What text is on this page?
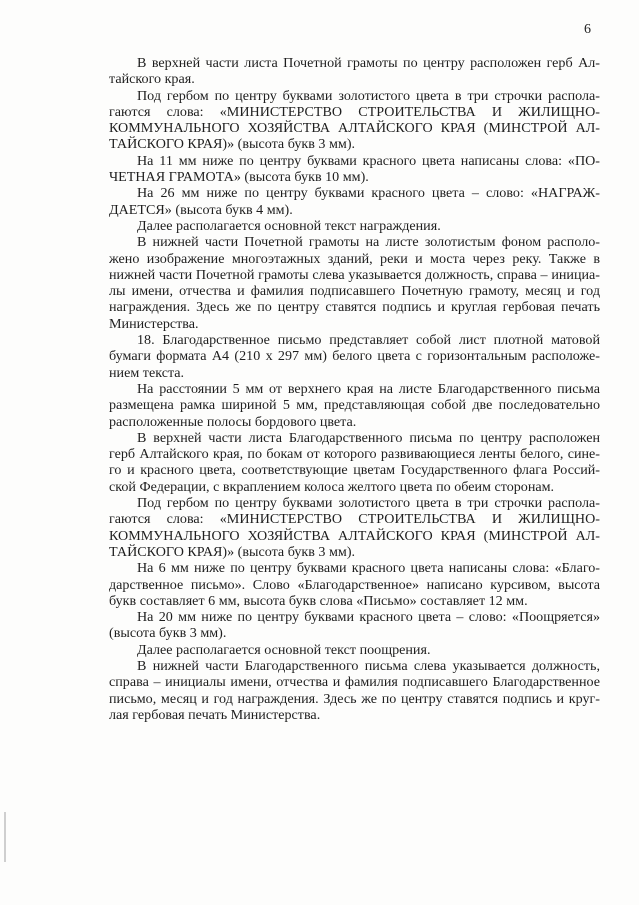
6
В верхней части листа Почетной грамоты по центру расположен герб Ал-
тайского края.
Под гербом по центру буквами золотистого цвета в три строчки распола-
гаются слова: «МИНИСТЕРСТВО СТРОИТЕЛЬСТВА И ЖИЛИЩНО-
КОММУНАЛЬНОГО ХОЗЯЙСТВА АЛТАЙСКОГО КРАЯ (МИНСТРОЙ АЛ-
ТАЙСКОГО КРАЯ)» (высота букв 3 мм).
На 11 мм ниже по центру буквами красного цвета написаны слова: «ПО-
ЧЕТНАЯ ГРАМОТА» (высота букв 10 мм).
На 26 мм ниже по центру буквами красного цвета – слово: «НАГРАЖ-
ДАЕТСЯ» (высота букв 4 мм).
Далее располагается основной текст награждения.
В нижней части Почетной грамоты на листе золотистым фоном располо-
жено изображение многоэтажных зданий, реки и моста через реку. Также в
нижней части Почетной грамоты слева указывается должность, справа – инициа-
лы имени, отчества и фамилия подписавшего Почетную грамоту, месяц и год
награждения. Здесь же по центру ставятся подпись и круглая гербовая печать
Министерства.
18. Благодарственное письмо представляет собой лист плотной матовой
бумаги формата А4 (210 х 297 мм) белого цвета с горизонтальным расположе-
нием текста.
На расстоянии 5 мм от верхнего края на листе Благодарственного письма
размещена рамка шириной 5 мм, представляющая собой две последовательно
расположенные полосы бордового цвета.
В верхней части листа Благодарственного письма по центру расположен
герб Алтайского края, по бокам от которого развивающиеся ленты белого, сине-
го и красного цвета, соответствующие цветам Государственного флага Россий-
ской Федерации, с вкраплением колоса желтого цвета по обеим сторонам.
Под гербом по центру буквами золотистого цвета в три строчки распола-
гаются слова: «МИНИСТЕРСТВО СТРОИТЕЛЬСТВА И ЖИЛИЩНО-
КОММУНАЛЬНОГО ХОЗЯЙСТВА АЛТАЙСКОГО КРАЯ (МИНСТРОЙ АЛ-
ТАЙСКОГО КРАЯ)» (высота букв 3 мм).
На 6 мм ниже по центру буквами красного цвета написаны слова: «Благо-
дарственное письмо». Слово «Благодарственное» написано курсивом, высота
букв составляет 6 мм, высота букв слова «Письмо» составляет 12 мм.
На 20 мм ниже по центру буквами красного цвета – слово: «Поощряется»
(высота букв 3 мм).
Далее располагается основной текст поощрения.
В нижней части Благодарственного письма слева указывается должность,
справа – инициалы имени, отчества и фамилия подписавшего Благодарственное
письмо, месяц и год награждения. Здесь же по центру ставятся подпись и круг-
лая гербовая печать Министерства.
